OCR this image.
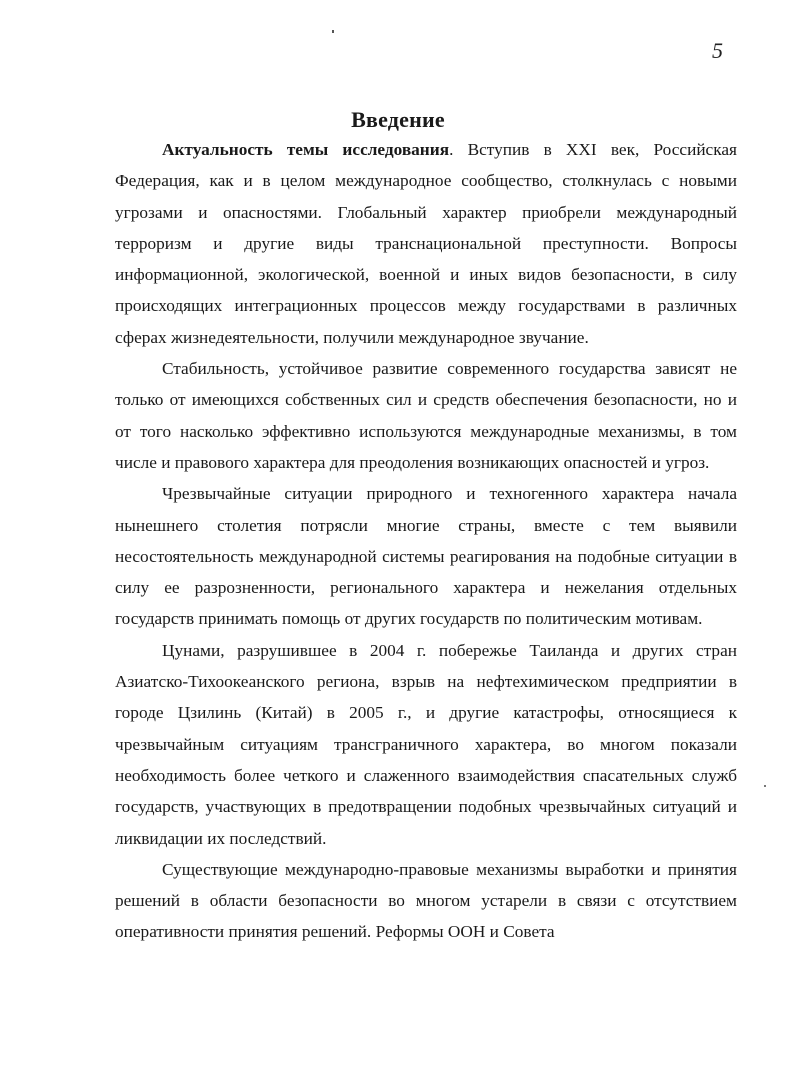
5
Введение

Актуальность темы исследования. Вступив в XXI век, Российская Федерация, как и в целом международное сообщество, столкнулась с новыми угрозами и опасностями. Глобальный характер приобрели международный терроризм и другие виды транснациональной преступности. Вопросы информационной, экологической, военной и иных видов безопасности, в силу происходящих интеграционных процессов между государствами в различных сферах жизнедеятельности, получили международное звучание.

Стабильность, устойчивое развитие современного государства зависят не только от имеющихся собственных сил и средств обеспечения безопасности, но и от того насколько эффективно используются международные механизмы, в том числе и правового характера для преодоления возникающих опасностей и угроз.

Чрезвычайные ситуации природного и техногенного характера начала нынешнего столетия потрясли многие страны, вместе с тем выявили несостоятельность международной системы реагирования на подобные ситуации в силу ее разрозненности, регионального характера и нежелания отдельных государств принимать помощь от других государств по политическим мотивам.

Цунами, разрушившее в 2004 г. побережье Таиланда и других стран Азиатско-Тихоокеанского региона, взрыв на нефтехимическом предприятии в городе Цзилинь (Китай) в 2005 г., и другие катастрофы, относящиеся к чрезвычайным ситуациям трансграничного характера, во многом показали необходимость более четкого и слаженного взаимодействия спасательных служб государств, участвующих в предотвращении подобных чрезвычайных ситуаций и ликвидации их последствий.

Существующие международно-правовые механизмы выработки и принятия решений в области безопасности во многом устарели в связи с отсутствием оперативности принятия решений. Реформы ООН и Совета
